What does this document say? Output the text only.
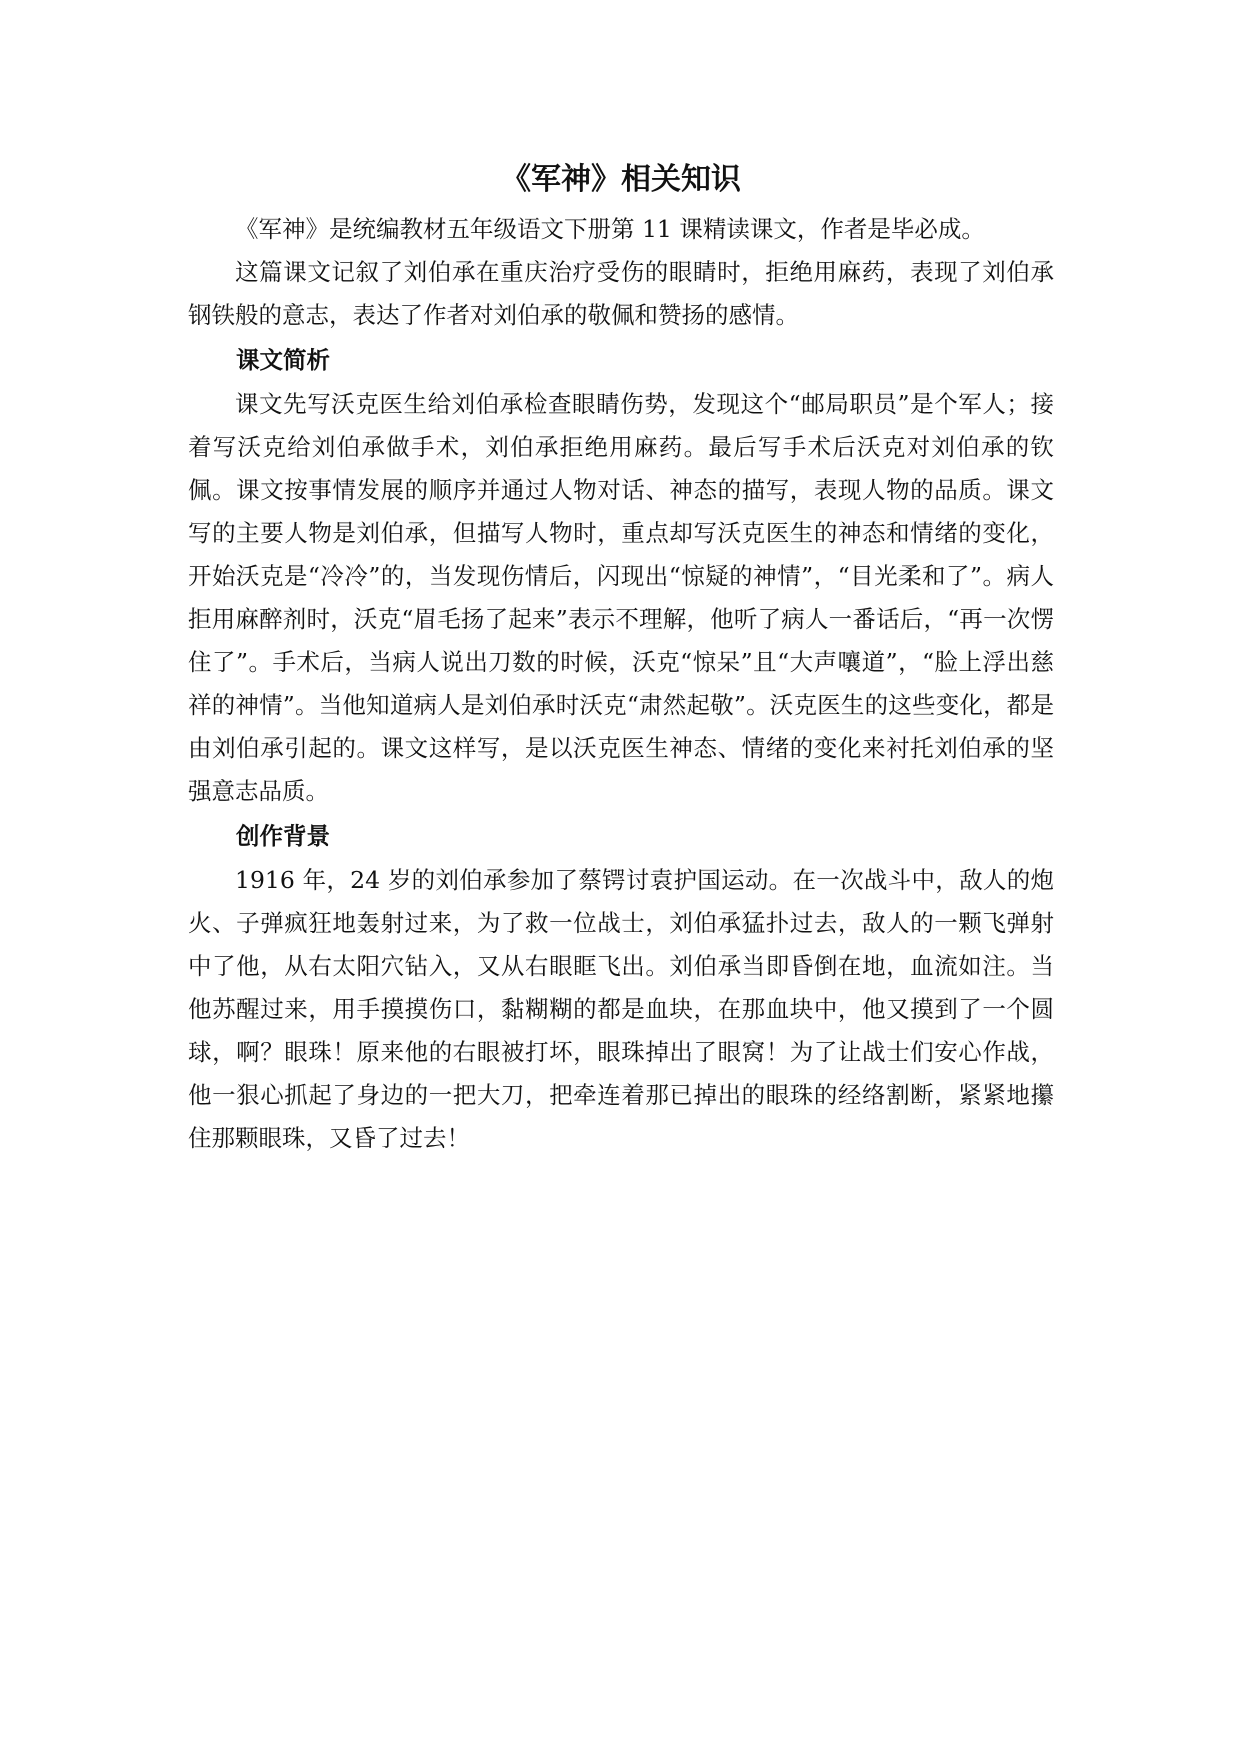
《军神》相关知识

《军神》是统编教材五年级语文下册第 11 课精读课文，作者是毕必成。

这篇课文记叙了刘伯承在重庆治疗受伤的眼睛时，拒绝用麻药，表现了刘伯承钢铁般的意志，表达了作者对刘伯承的敬佩和赞扬的感情。

课文简析

课文先写沃克医生给刘伯承检查眼睛伤势，发现这个“邮局职员”是个军人；接着写沃克给刘伯承做手术，刘伯承拒绝用麻药。最后写手术后沃克对刘伯承的钦佩。课文按事情发展的顺序并通过人物对话、神态的描写，表现人物的品质。课文写的主要人物是刘伯承，但描写人物时，重点却写沃克医生的神态和情绪的变化，开始沃克是“冷冷”的，当发现伤情后，闪现出“惊疑的神情”，“目光柔和了”。病人拒用麻醉剂时，沃克“眉毛扬了起来”表示不理解，他听了病人一番话后，“再一次愣住了”。手术后，当病人说出刀数的时候，沃克“惊呆”且“大声嚷道”，“脸上浮出慈祥的神情”。当他知道病人是刘伯承时沃克“肃然起敬”。沃克医生的这些变化，都是由刘伯承引起的。课文这样写，是以沃克医生神态、情绪的变化来衬托刘伯承的坚强意志品质。

创作背景

1916 年，24 岁的刘伯承参加了蔡锷讨袁护国运动。在一次战斗中，敌人的炮火、子弹疯狂地轰射过来，为了救一位战士，刘伯承猛扑过去，敌人的一颗飞弹射中了他，从右太阳穴钻入，又从右眼眶飞出。刘伯承当即昏倒在地，血流如注。当他苏醒过来，用手摸摸伤口，黏糊糊的都是血块，在那血块中，他又摸到了一个圆球，啊？眼珠！原来他的右眼被打坏，眼珠掉出了眼窝！为了让战士们安心作战，他一狠心抓起了身边的一把大刀，把牵连着那已掉出的眼珠的经络割断，紧紧地攥住那颗眼珠，又昏了过去！
